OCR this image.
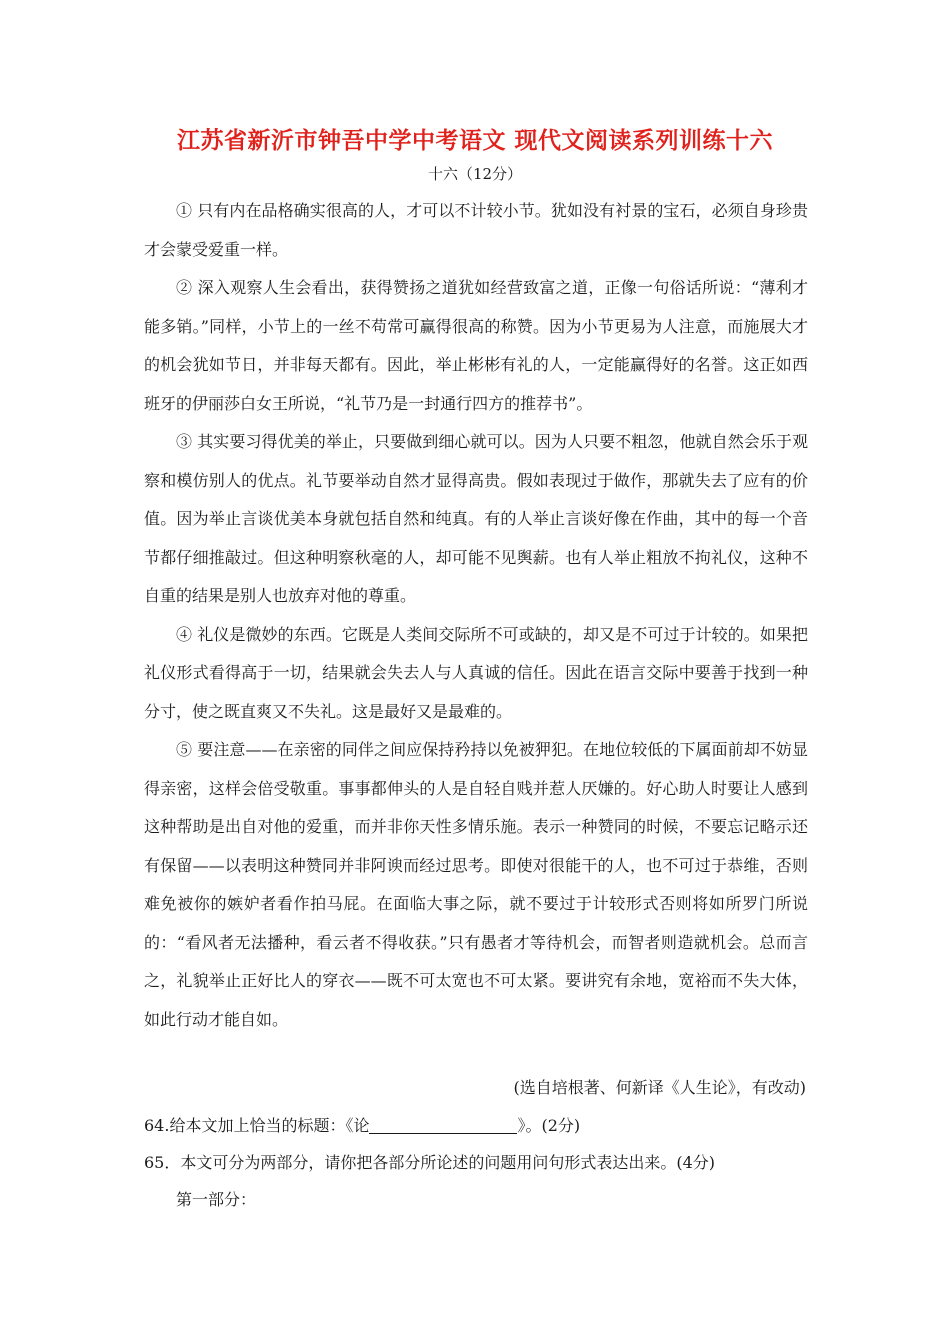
江苏省新沂市钟吾中学中考语文 现代文阅读系列训练十六
十六（12分）

① 只有内在品格确实很高的人，才可以不计较小节。犹如没有衬景的宝石，必须自身珍贵才会蒙受爱重一样。

② 深入观察人生会看出，获得赞扬之道犹如经营致富之道，正像一句俗话所说：“薄利才能多销。”同样，小节上的一丝不苟常可赢得很高的称赞。因为小节更易为人注意，而施展大才的机会犹如节日，并非每天都有。因此，举止彬彬有礼的人，一定能赢得好的名誉。这正如西班牙的伊丽莎白女王所说，“礼节乃是一封通行四方的推荐书”。

③ 其实要习得优美的举止，只要做到细心就可以。因为人只要不粗忽，他就自然会乐于观察和模仿别人的优点。礼节要举动自然才显得高贵。假如表现过于做作，那就失去了应有的价值。因为举止言谈优美本身就包括自然和纯真。有的人举止言谈好像在作曲，其中的每一个音节都仔细推敲过。但这种明察秋毫的人，却可能不见舆薪。也有人举止粗放不拘礼仪，这种不自重的结果是别人也放弃对他的尊重。

④ 礼仪是微妙的东西。它既是人类间交际所不可或缺的，却又是不可过于计较的。如果把礼仪形式看得高于一切，结果就会失去人与人真诚的信任。因此在语言交际中要善于找到一种分寸，使之既直爽又不失礼。这是最好又是最难的。

⑤ 要注意——在亲密的同伴之间应保持矜持以免被狎犯。在地位较低的下属面前却不妨显得亲密，这样会倍受敬重。事事都伸头的人是自轻自贱并惹人厌嫌的。好心助人时要让人感到这种帮助是出自对他的爱重，而并非你天性多情乐施。表示一种赞同的时候，不要忘记略示还有保留——以表明这种赞同并非阿谀而经过思考。即使对很能干的人，也不可过于恭维，否则难免被你的嫉妒者看作拍马屁。在面临大事之际，就不要过于计较形式否则将如所罗门所说的：“看风者无法播种，看云者不得收获。”只有愚者才等待机会，而智者则造就机会。总而言之，礼貌举止正好比人的穿衣——既不可太宽也不可太紧。要讲究有余地，宽裕而不失大体，如此行动才能自如。

(选自培根著、何新译《人生论》，有改动)
64.给本文加上恰当的标题：《论	》。(2分)
65．本文可分为两部分，请你把各部分所论述的问题用问句形式表达出来。(4分)
第一部分：
